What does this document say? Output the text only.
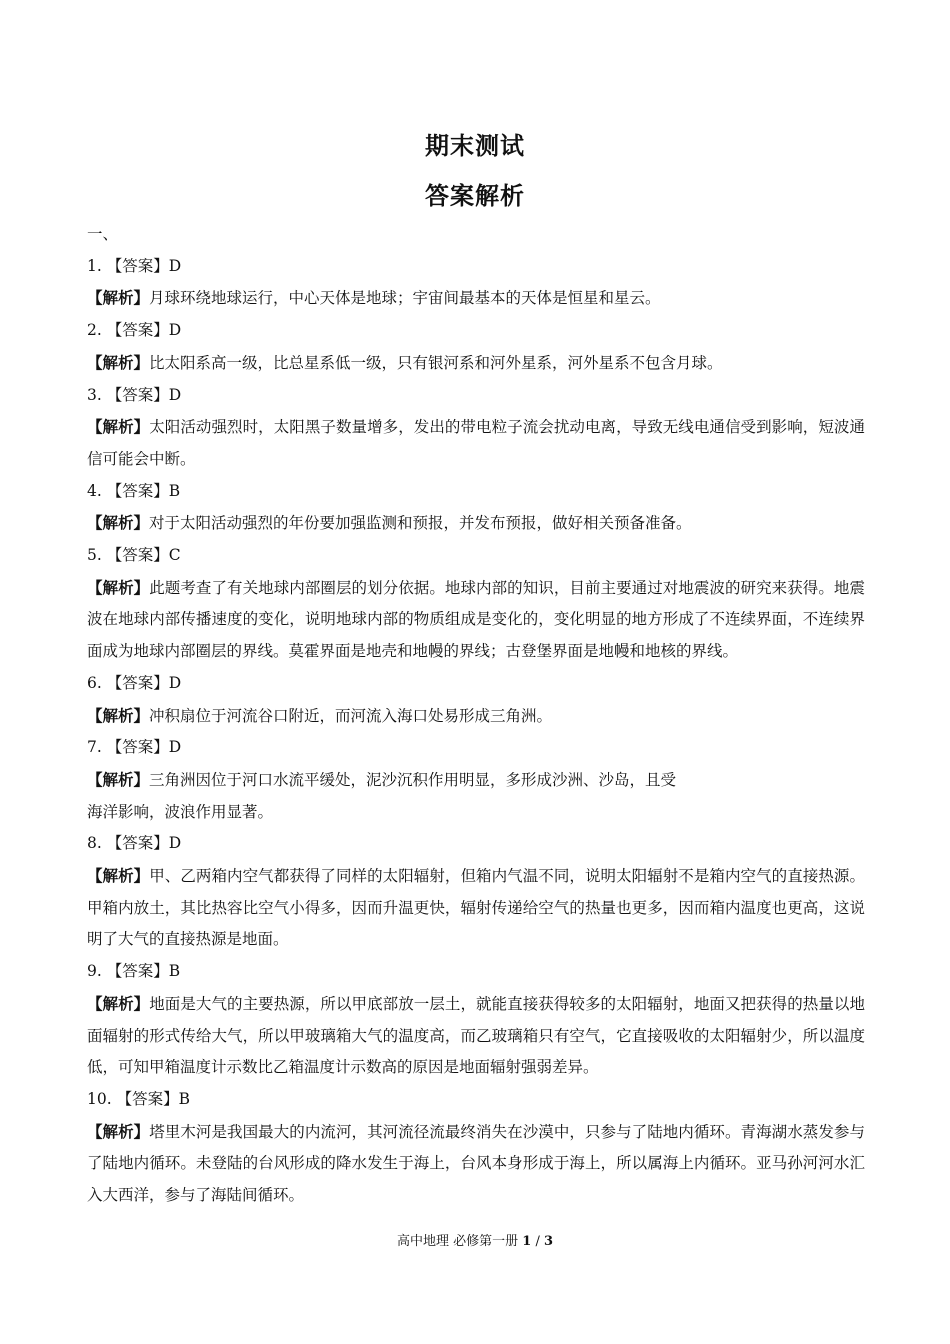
期末测试
答案解析
一、
1. 【答案】D
【解析】月球环绕地球运行，中心天体是地球；宇宙间最基本的天体是恒星和星云。
2. 【答案】D
【解析】比太阳系高一级，比总星系低一级，只有银河系和河外星系，河外星系不包含月球。
3. 【答案】D
【解析】太阳活动强烈时，太阳黑子数量增多，发出的带电粒子流会扰动电离，导致无线电通信受到影响，短波通信可能会中断。
4. 【答案】B
【解析】对于太阳活动强烈的年份要加强监测和预报，并发布预报，做好相关预备准备。
5. 【答案】C
【解析】此题考查了有关地球内部圈层的划分依据。地球内部的知识，目前主要通过对地震波的研究来获得。地震波在地球内部传播速度的变化，说明地球内部的物质组成是变化的，变化明显的地方形成了不连续界面，不连续界面成为地球内部圈层的界线。莫霍界面是地壳和地幔的界线；古登堡界面是地幔和地核的界线。
6. 【答案】D
【解析】冲积扇位于河流谷口附近，而河流入海口处易形成三角洲。
7. 【答案】D
【解析】三角洲因位于河口水流平缓处，泥沙沉积作用明显，多形成沙洲、沙岛，且受
海洋影响，波浪作用显著。
8. 【答案】D
【解析】甲、乙两箱内空气都获得了同样的太阳辐射，但箱内气温不同，说明太阳辐射不是箱内空气的直接热源。甲箱内放土，其比热容比空气小得多，因而升温更快，辐射传递给空气的热量也更多，因而箱内温度也更高，这说明了大气的直接热源是地面。
9. 【答案】B
【解析】地面是大气的主要热源，所以甲底部放一层土，就能直接获得较多的太阳辐射，地面又把获得的热量以地面辐射的形式传给大气，所以甲玻璃箱大气的温度高，而乙玻璃箱只有空气，它直接吸收的太阳辐射少，所以温度低，可知甲箱温度计示数比乙箱温度计示数高的原因是地面辐射强弱差异。
10. 【答案】B
【解析】塔里木河是我国最大的内流河，其河流径流最终消失在沙漠中，只参与了陆地内循环。青海湖水蒸发参与了陆地内循环。未登陆的台风形成的降水发生于海上，台风本身形成于海上，所以属海上内循环。亚马孙河河水汇入大西洋，参与了海陆间循环。
高中地理 必修第一册 1 / 3
